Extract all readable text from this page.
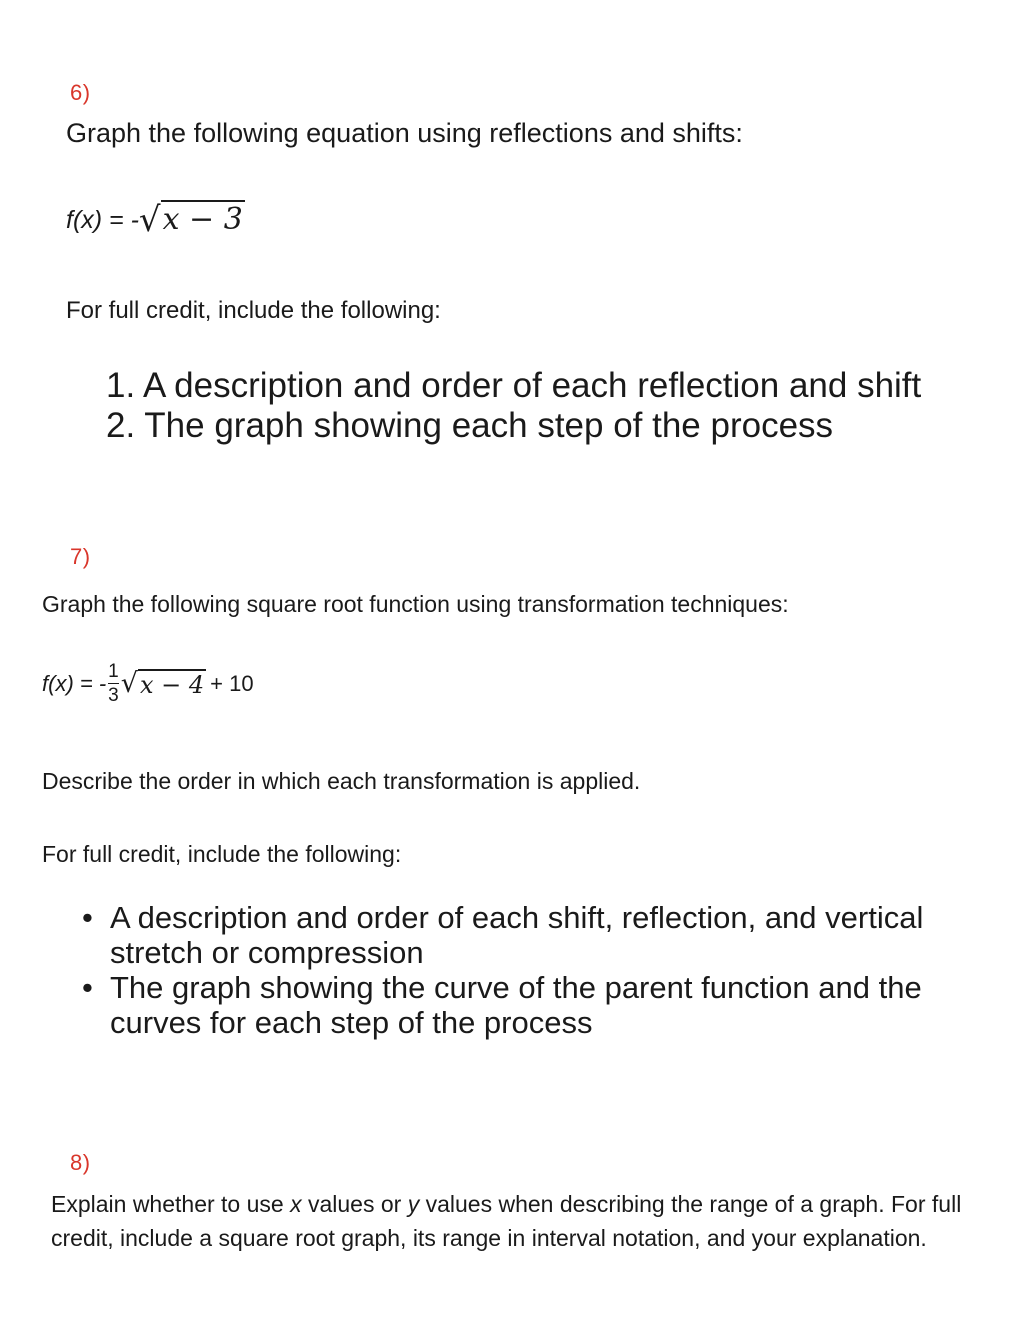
6)
Graph the following equation using reflections and shifts:
f(x) = - √ x − 3
For full credit, include the following:
1. A description and order of each reflection and shift
2. The graph showing each step of the process
7)
Graph the following square root function using transformation techniques:
f(x) = - $\frac{1}{3}$ √ x − 4 + 10
Describe the order in which each transformation is applied.
For full credit, include the following:
• A description and order of each shift, reflection, and vertical stretch or compression
• The graph showing the curve of the parent function and the curves for each step of the process
8)
Explain whether to use x values or y values when describing the range of a graph. For full credit, include a square root graph, its range in interval notation, and your explanation.
